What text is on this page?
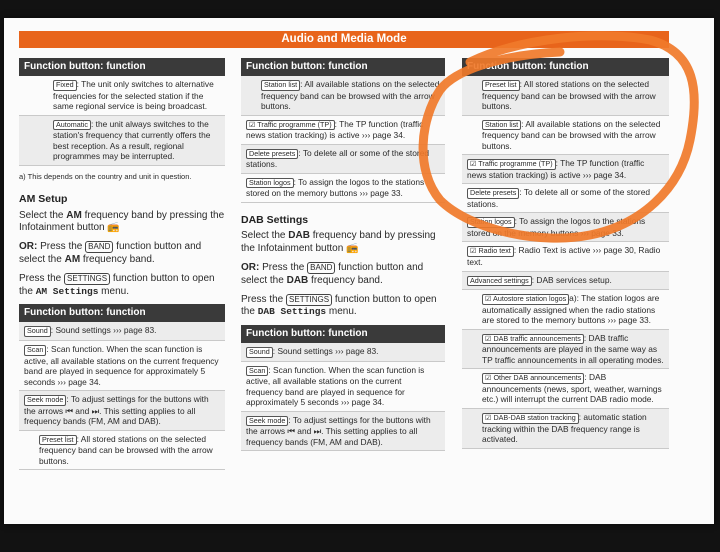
Audio and Media Mode
Function button: function
Fixed : The unit only switches to alternative frequencies for the selected station if the same regional service is being broadcast.
Automatic : the unit always switches to the station's frequency that currently offers the best reception. As a result, regional programmes may be interrupted.
a) This depends on the country and unit in question.
AM Setup
Select the AM frequency band by pressing the Infotainment button 📻
OR: Press the BAND function button and select the AM frequency band.
Press the SETTINGS function button to open the AM Settings menu.
Function button: function
Sound : Sound settings ››› page 83.
Scan : Scan function. When the scan function is active, all available stations on the current frequency band are played in sequence for approximately 5 seconds ››› page 34.
Seek mode : To adjust settings for the buttons with the arrows ⏮ and ⏭. This setting applies to all frequency bands (FM, AM and DAB).
Preset list : All stored stations on the selected frequency band can be browsed with the arrow buttons.
Function button: function
Station list : All available stations on the selected frequency band can be browsed with the arrow buttons.
☑ Traffic programme (TP) : The TP function (traffic news station tracking) is active ››› page 34.
Delete presets : To delete all or some of the stored stations.
Station logos : To assign the logos to the stations stored on the memory buttons ››› page 33.
DAB Settings
Select the DAB frequency band by pressing the Infotainment button 📻
OR: Press the BAND function button and select the DAB frequency band.
Press the SETTINGS function button to open the DAB Settings menu.
Function button: function
Sound : Sound settings ››› page 83.
Scan : Scan function. When the scan function is active, all available stations on the current frequency band are played in sequence for approximately 5 seconds ››› page 34.
Seek mode : To adjust settings for the buttons with the arrows ⏮ and ⏭. This setting applies to all frequency bands (FM, AM and DAB).
Function button: function
Preset list : All stored stations on the selected frequency band can be browsed with the arrow buttons.
Station list : All available stations on the selected frequency band can be browsed with the arrow buttons.
☑ Traffic programme (TP) : The TP function (traffic news station tracking) is active ››› page 34.
Delete presets : To delete all or some of the stored stations.
Station logos : To assign the logos to the stations stored on the memory buttons ››› page 33.
☑ Radio text : Radio Text is active ››› page 30, Radio text.
Advanced settings : DAB services setup.
☑ Autostore station logos a): The station logos are automatically assigned when the radio stations are stored to the memory buttons ››› page 33.
☑ DAB traffic announcements : DAB traffic announcements are played in the same way as TP traffic announcements in all operating modes.
☑ Other DAB announcements : DAB announcements (news, sport, weather, warnings etc.) will interrupt the current DAB radio mode.
☑ DAB-DAB station tracking : automatic station tracking within the DAB frequency range is activated.
